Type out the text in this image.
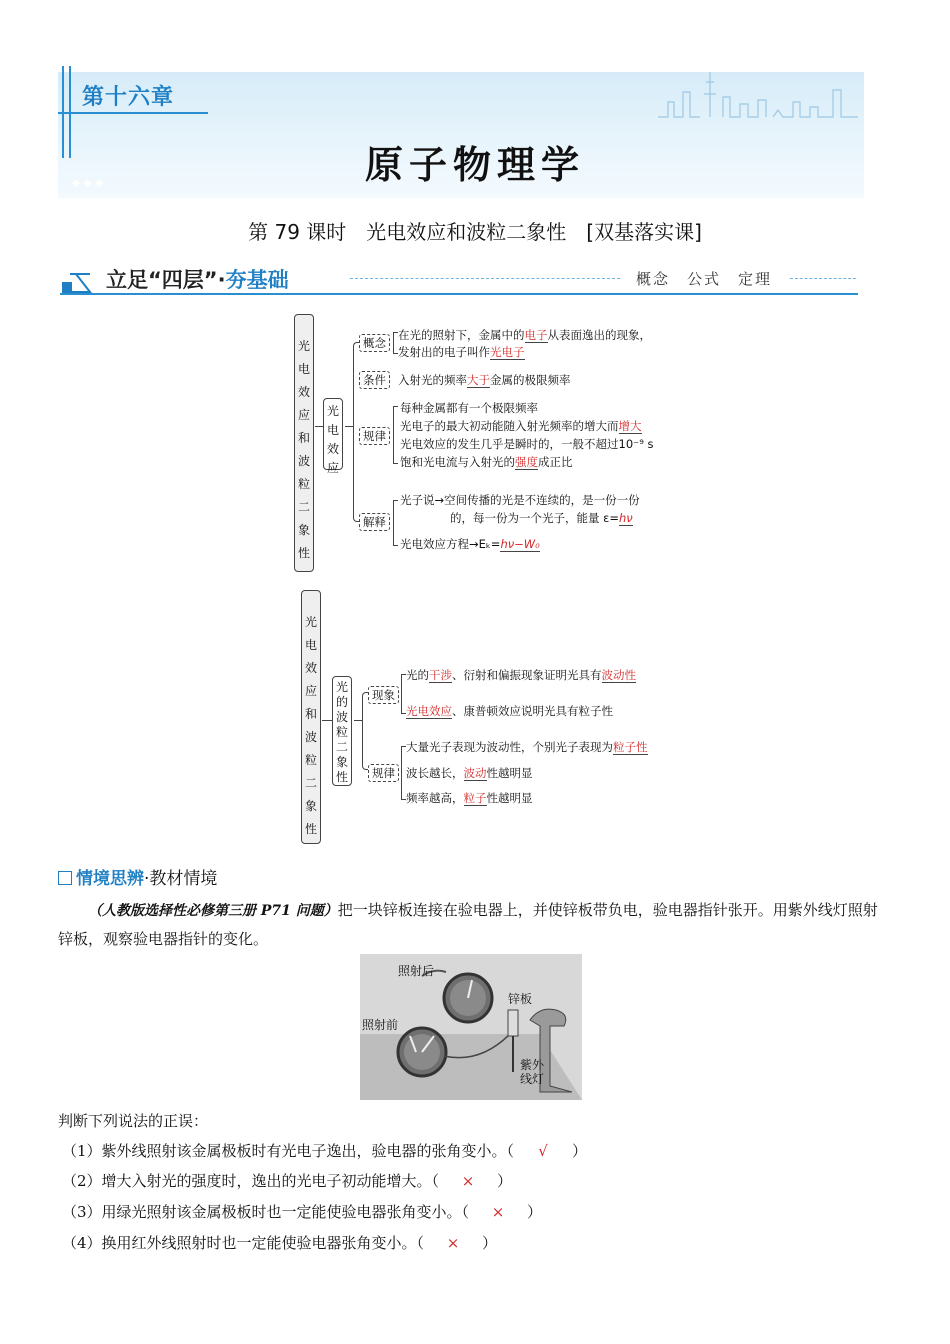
第十六章
原子物理学
◆◆◆
第 79 课时　光电效应和波粒二象性　[双基落实课]
立足“四层”·夯基础	概念　公式　定理
光
电
效
应
和
波
粒
二
象
性
光
电
效
应
概念
在光的照射下，金属中的电子从表面逸出的现象，
发射出的电子叫作光电子
条件	入射光的频率大于金属的极限频率
规律
每种金属都有一个极限频率
光电子的最大初动能随入射光频率的增大而增大
光电效应的发生几乎是瞬时的，一般不超过10⁻⁹ s
饱和光电流与入射光的强度成正比
解释
光子说→空间传播的光是不连续的，是一份一份
的，每一份为一个光子，能量 ε=hν
光电效应方程→Eₖ=hν−W₀
光
电
效
应
和
波
粒
二
象
性
光
的
波
粒
二
象
性
现象
光的干涉、衍射和偏振现象证明光具有波动性
光电效应、康普顿效应说明光具有粒子性
规律
大量光子表现为波动性，个别光子表现为粒子性
波长越长，波动性越明显
频率越高，粒子性越明显
情境思辨·教材情境
（人教版选择性必修第三册 P71 问题）把一块锌板连接在验电器上，并使锌板带负电，验电器指针张开。用紫外线灯照射锌板，观察验电器指针的变化。
照射后
照射前
锌板
紫外
线灯
判断下列说法的正误：
（1）紫外线照射该金属极板时有光电子逸出，验电器的张角变小。（ √ ）
（2）增大入射光的强度时，逸出的光电子初动能增大。（ × ）
（3）用绿光照射该金属极板时也一定能使验电器张角变小。（ × ）
（4）换用红外线照射时也一定能使验电器张角变小。（ × ）
